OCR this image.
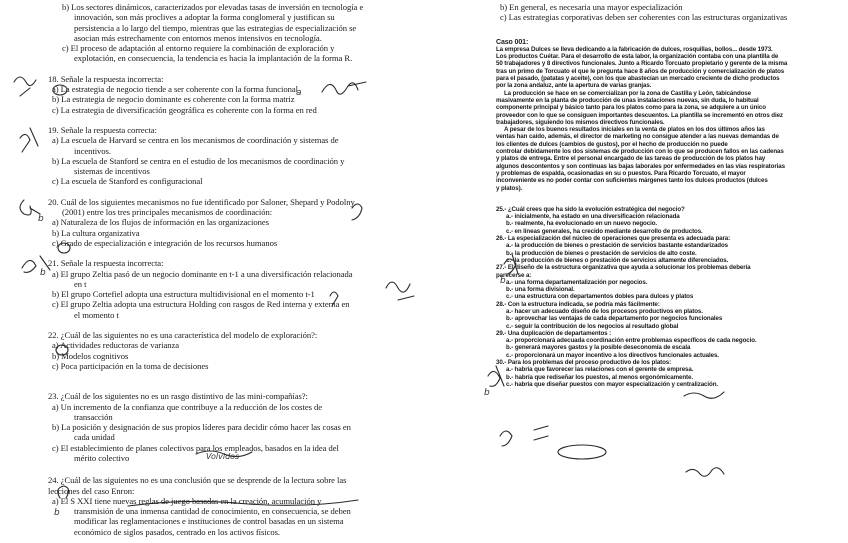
b) Los sectores dinámicos, caracterizados por elevadas tasas de inversión en tecnología e
innovación, son más proclives a adoptar la forma conglomeral y justifican su
persistencia a lo largo del tiempo, mientras que las estrategias de especialización se
asocian más estrechamente con entornos menos intensivos en tecnología.
c) El proceso de adaptación al entorno requiere la combinación de exploración y
explotación, en consecuencia, la tendencia es hacia la implantación de la forma R.
18. Señale la respuesta incorrecta:
a) La estrategia de negocio tiende a ser coherente con la forma funcional
b) La estrategia de negocio dominante es coherente con la forma matriz
c) La estrategia de diversificación geográfica es coherente con la forma en red
19. Señale la respuesta correcta:
a) La escuela de Harvard se centra en los mecanismos de coordinación y sistemas de
incentivos.
b) La escuela de Stanford se centra en el estudio de los mecanismos de coordinación y
sistemas de incentivos
c) La escuela de Stanford es configuracional
20. Cuál de los siguientes mecanismos no fue identificado por Saloner, Shepard y Podolny
(2001) entre los tres principales mecanismos de coordinación:
a) Naturaleza de los flujos de información en las organizaciones
b) La cultura organizativa
c) Grado de especialización e integración de los recursos humanos
21. Señale la respuesta incorrecta:
a) El grupo Zeltia pasó de un negocio dominante en t-1 a una diversificación relacionada
en t
b) El grupo Cortefiel adopta una estructura multidivisional en el momento t-1
c) El grupo Zeltia adopta una estructura Holding con rasgos de Red interna y externa en
el momento t
22. ¿Cuál de las siguientes no es una característica del modelo de exploración?:
a) Actividades reductoras de varianza
b) Modelos cognitivos
c) Poca participación en la toma de decisiones
23. ¿Cuál de los siguientes no es un rasgo distintivo de las mini-compañías?:
a) Un incremento de la confianza que contribuye a la reducción de los costes de
transacción
b) La posición y designación de sus propios líderes para decidir cómo hacer las cosas en
cada unidad
c) El establecimiento de planes colectivos para los empleados, basados en la idea del
mérito colectivo
24. ¿Cuál de las siguientes no es una conclusión que se desprende de la lectura sobre las
lecciones del caso Enron:
a) El S XXI tiene nuevas reglas de juego basadas en la creación, acumulación y
transmisión de una inmensa cantidad de conocimiento, en consecuencia, se deben
modificar las reglamentaciones e instituciones de control basadas en un sistema
económico de siglos pasados, centrado en los activos físicos.
b) En general, es necesaria una mayor especialización
c) Las estrategias corporativas deben ser coherentes con las estructuras organizativas
Caso 001:
La empresa Dulces se lleva dedicando a la fabricación de dulces, rosquillas, bollos... desde 1973.
Los productos Cuétar. Para el desarrollo de esta labor, la organización contaba con una plantilla de
50 trabajadores y 8 directivos funcionales. Junto a Ricardo Torcuato propietario y gerente de la misma
tras un primo de Torcuato el que le pregunta hace 8 años de producción y comercialización de platos
para el pasado, (patatas y aceite), con los que abastecían un mercado creciente de dicho productos
por la zona andaluz, ante la apertura de varias granjas.
La producción se hace en se comercializan por la zona de Castilla y León, tabicándose
masivamente en la planta de producción de unas instalaciones nuevas, sin duda, lo habitual
componente principal y básico tanto para los platos como para la zona, se adquiere a un único
proveedor con lo que se consiguen importantes descuentos. La plantilla se incrementó en otros diez
trabajadores, siguiendo los mismos directivos funcionales.
A pesar de los buenos resultados iniciales en la venta de platos en los dos últimos años las
ventas han caído, además, el director de marketing no consigue atender a las nuevas demandas de
los clientes de dulces (cambios de gustos), por el hecho de producción no puede
controlar debidamente los dos sistemas de producción con lo que se producen fallos en las cadenas
y platos de entrega. Entre el personal encargado de las tareas de producción de los platos hay
algunos descontentos y son continuas las bajas laborales por enfermedades en las vías respiratorias
y problemas de espalda, ocasionadas en su o puestos. Para Ricardo Torcuato, el mayor
inconveniente es no poder contar con suficientes márgenes tanto los dulces productos (dulces
y platos).
25.- ¿Cuál crees que ha sido la evolución estratégica del negocio?
a.- inicialmente, ha estado en una diversificación relacionada
b.- realmente, ha evolucionado en un nuevo negocio.
c.- en líneas generales, ha crecido mediante desarrollo de productos.
26.- La especialización del núcleo de operaciones que presenta es adecuada para:
a.- la producción de bienes o prestación de servicios bastante estandarizados
b.- la producción de bienes o prestación de servicios de alto coste.
c.- la producción de bienes o prestación de servicios altamente diferenciados.
27.- El diseño de la estructura organizativa que ayuda a solucionar los problemas debería
parecerse a:
a.- una forma departamentalización por negocios.
b.- una forma divisional.
c.- una estructura con departamentos dobles para dulces y platos
28.- Con la estructura indicada, se podría más fácilmente:
a.- hacer un adecuado diseño de los procesos productivos en platos.
b.- aprovechar las ventajas de cada departamento por negocios funcionales
c.- seguir la contribución de los negocios al resultado global
29.- Una duplicación de departamentos :
a.- proporcionará adecuada coordinación entre problemas específicos de cada negocio.
b.- generará mayores gastos y la posible deseconomía de escala
c.- proporcionará un mayor incentivo a los directivos funcionales actuales.
30.- Para los problemas del proceso productivo de los platos:
a.- habría que favorecer las relaciones con el gerente de empresa.
b.- habría que rediseñar los puestos, al menos ergonómicamente.
c.- habría que diseñar puestos con mayor especialización y centralización.
Volvidos
a
b
b
b
b
b
